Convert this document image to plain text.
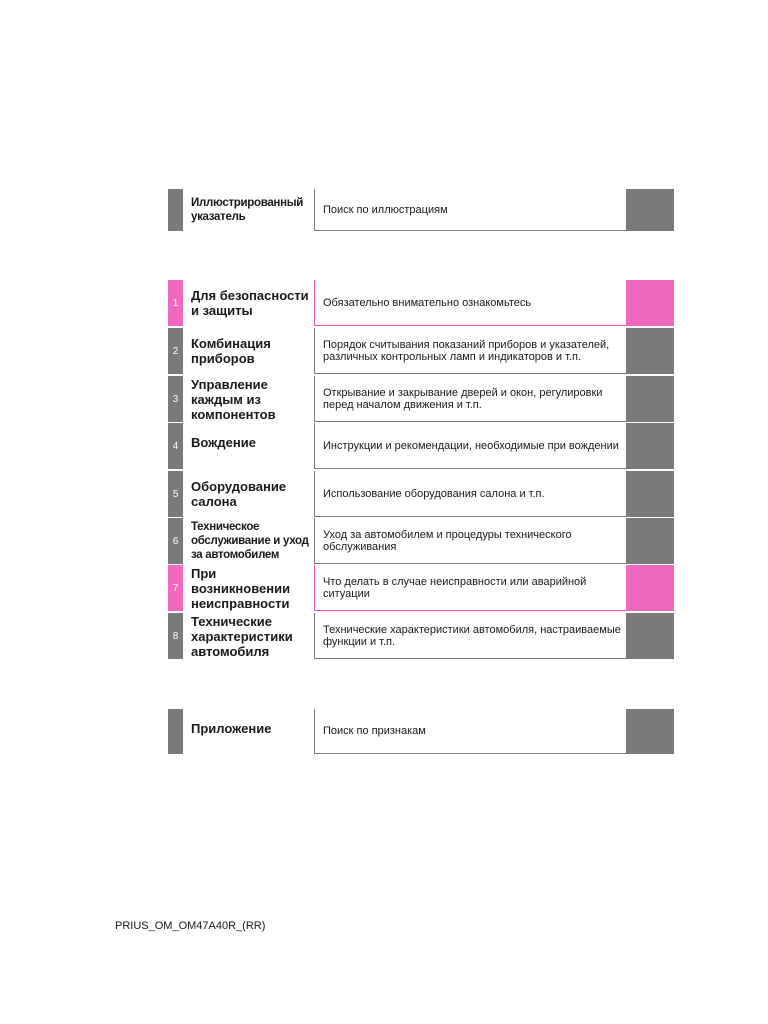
Иллюстрированный указатель
Поиск по иллюстрациям
1 Для безопасности и защиты
Обязательно внимательно ознакомьтесь
2 Комбинация приборов
Порядок считывания показаний приборов и указателей, различных контрольных ламп и индикаторов и т.п.
3
Управление каждым из компонентов
Открывание и закрывание дверей и окон, регулировки перед началом движения и т.п.
4 Вождение	Инструкции и рекомендации, необходимые при вождении
5 Оборудование салона
Использование оборудования салона и т.п.
6
Техническое обслуживание и уход за автомобилем
Уход за автомобилем и процедуры технического обслуживания
7
При возникновении неисправности
Что делать в случае неисправности или аварийной ситуации
8
Технические характеристики автомобиля
Технические характеристики автомобиля, настраиваемые функции и т.п.
Приложение	Поиск по признакам
PRIUS_OM_OM47A40R_(RR)
